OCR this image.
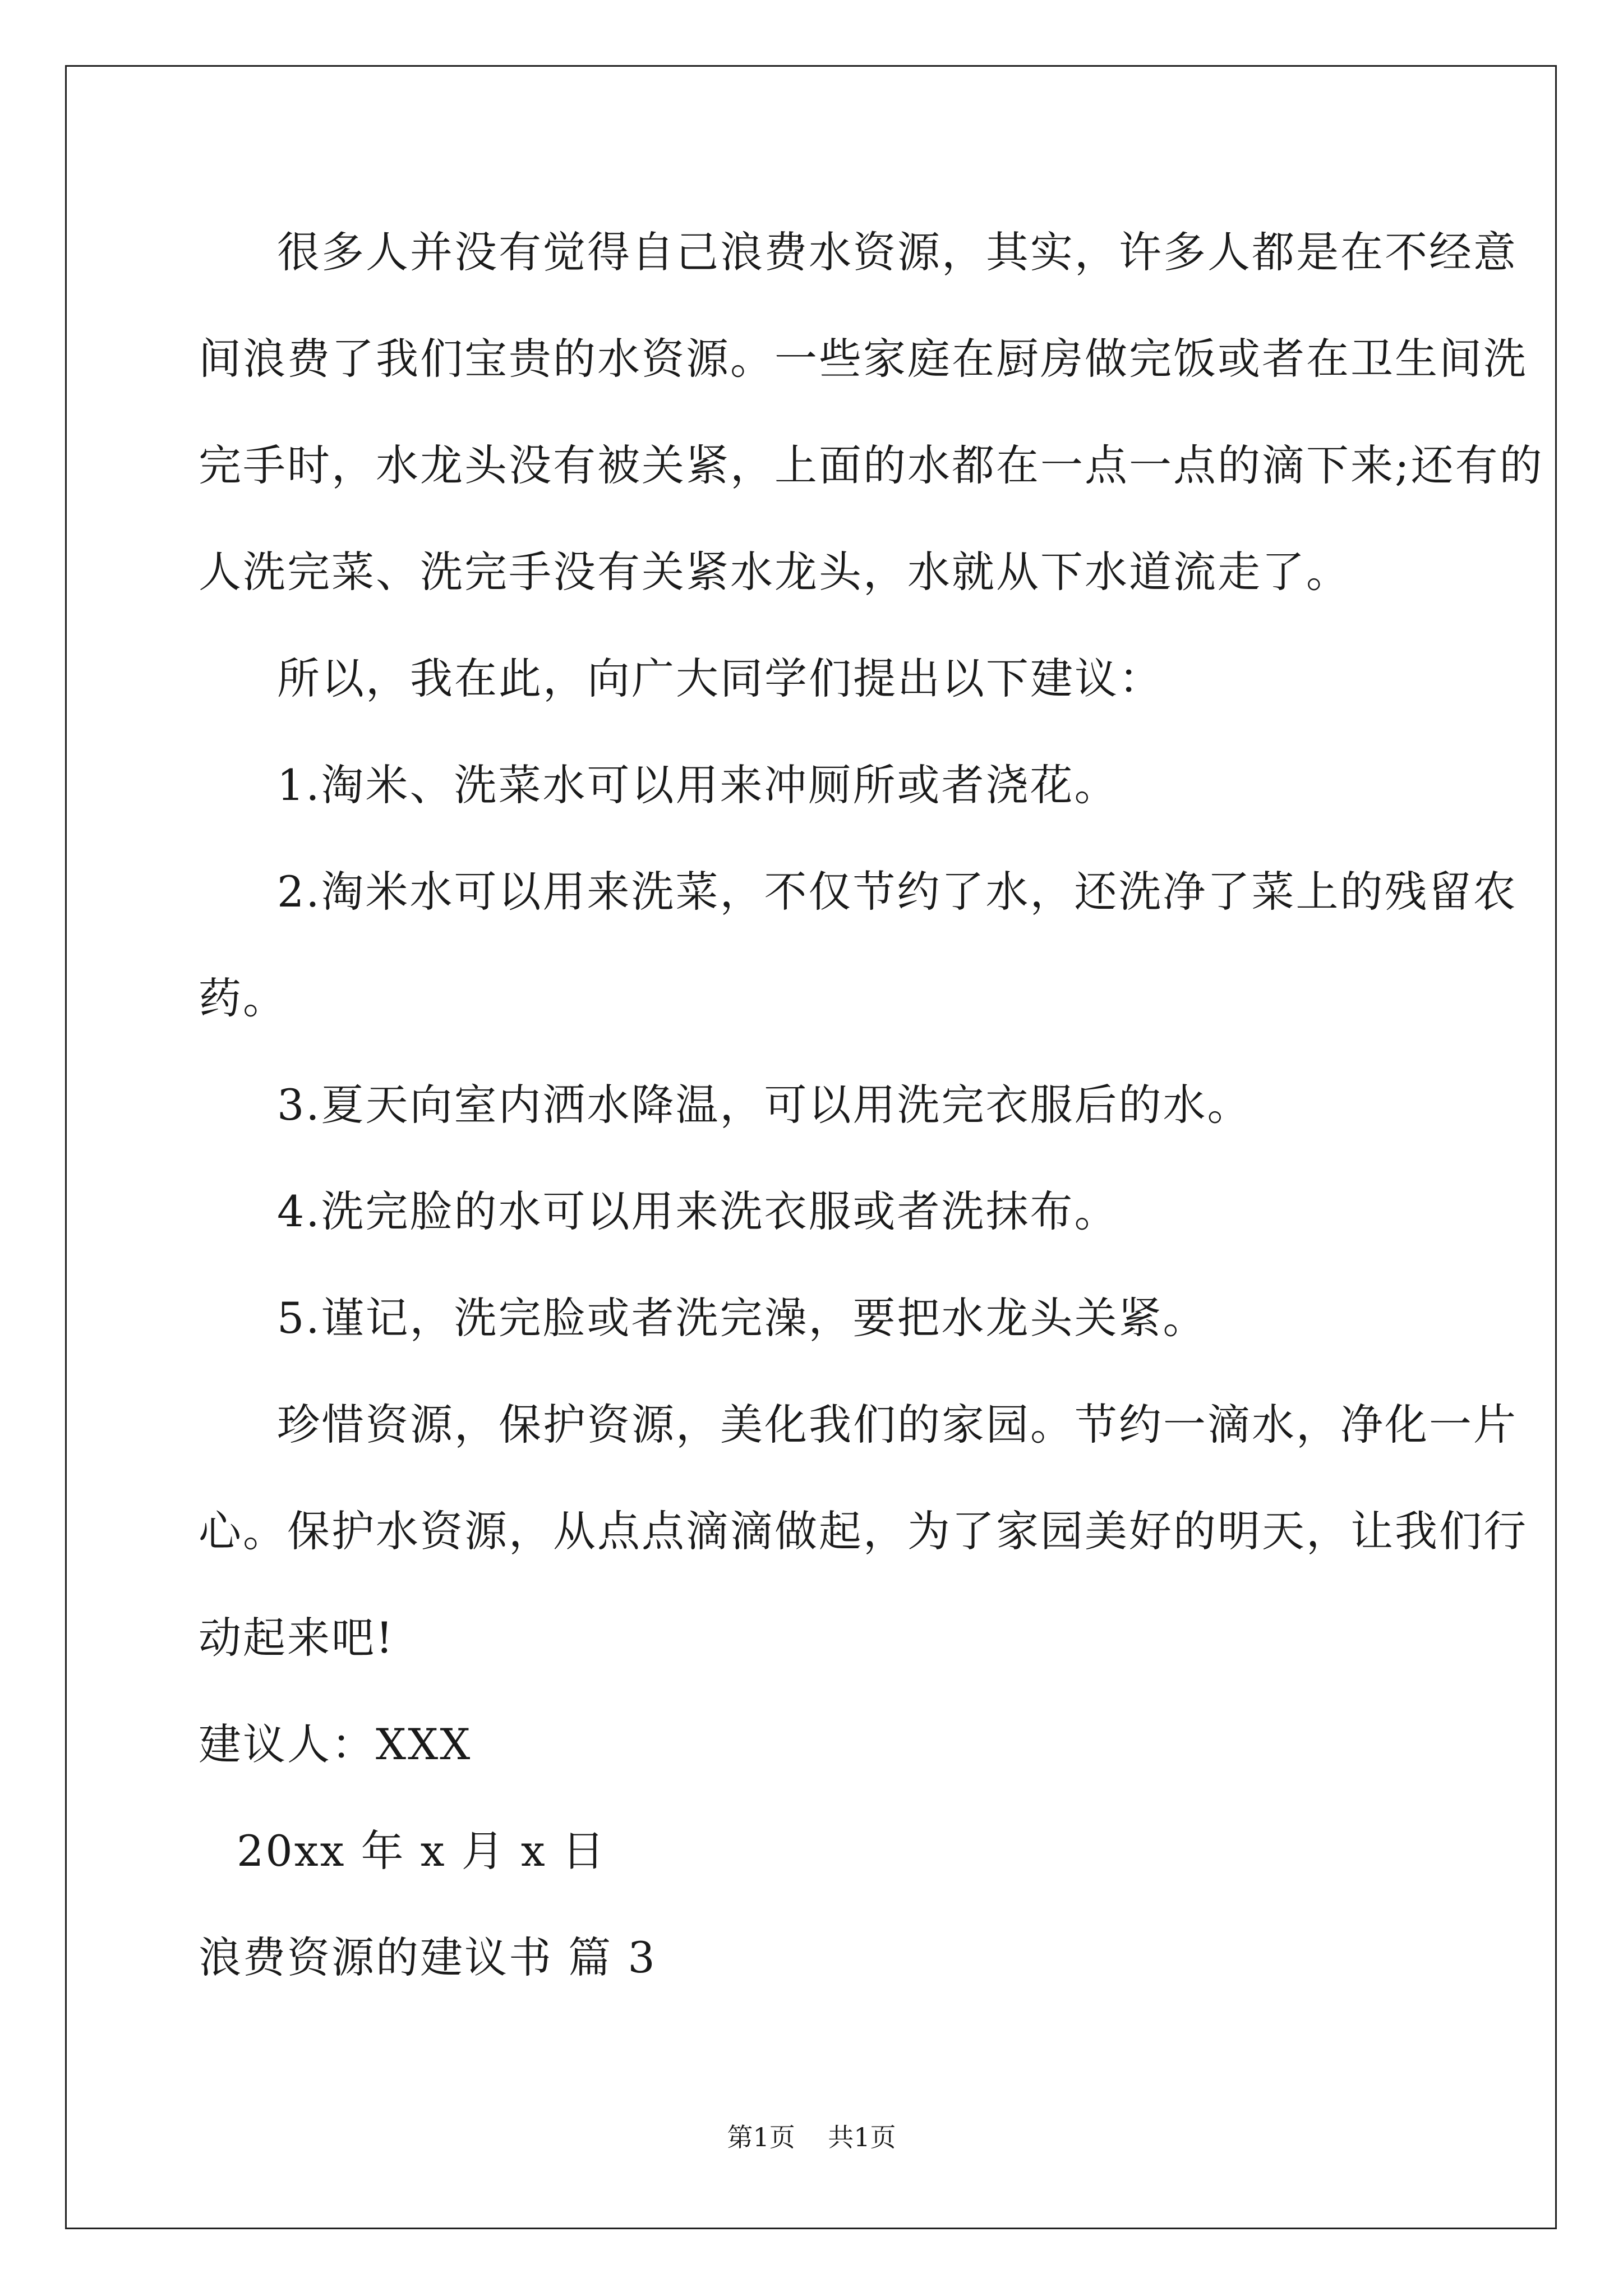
很多人并没有觉得自己浪费水资源，其实，许多人都是在不经意
间浪费了我们宝贵的水资源。一些家庭在厨房做完饭或者在卫生间洗
完手时，水龙头没有被关紧，上面的水都在一点一点的滴下来;还有的
人洗完菜、洗完手没有关紧水龙头，水就从下水道流走了。
所以，我在此，向广大同学们提出以下建议：
1.淘米、洗菜水可以用来冲厕所或者浇花。
2.淘米水可以用来洗菜，不仅节约了水，还洗净了菜上的残留农
药。
3.夏天向室内洒水降温，可以用洗完衣服后的水。
4.洗完脸的水可以用来洗衣服或者洗抹布。
5.谨记，洗完脸或者洗完澡，要把水龙头关紧。
珍惜资源，保护资源，美化我们的家园。节约一滴水，净化一片
心。保护水资源，从点点滴滴做起，为了家园美好的明天，让我们行
动起来吧!
建议人：XXX
20xx 年 x 月 x 日
浪费资源的建议书 篇 3
第1页 共1页
